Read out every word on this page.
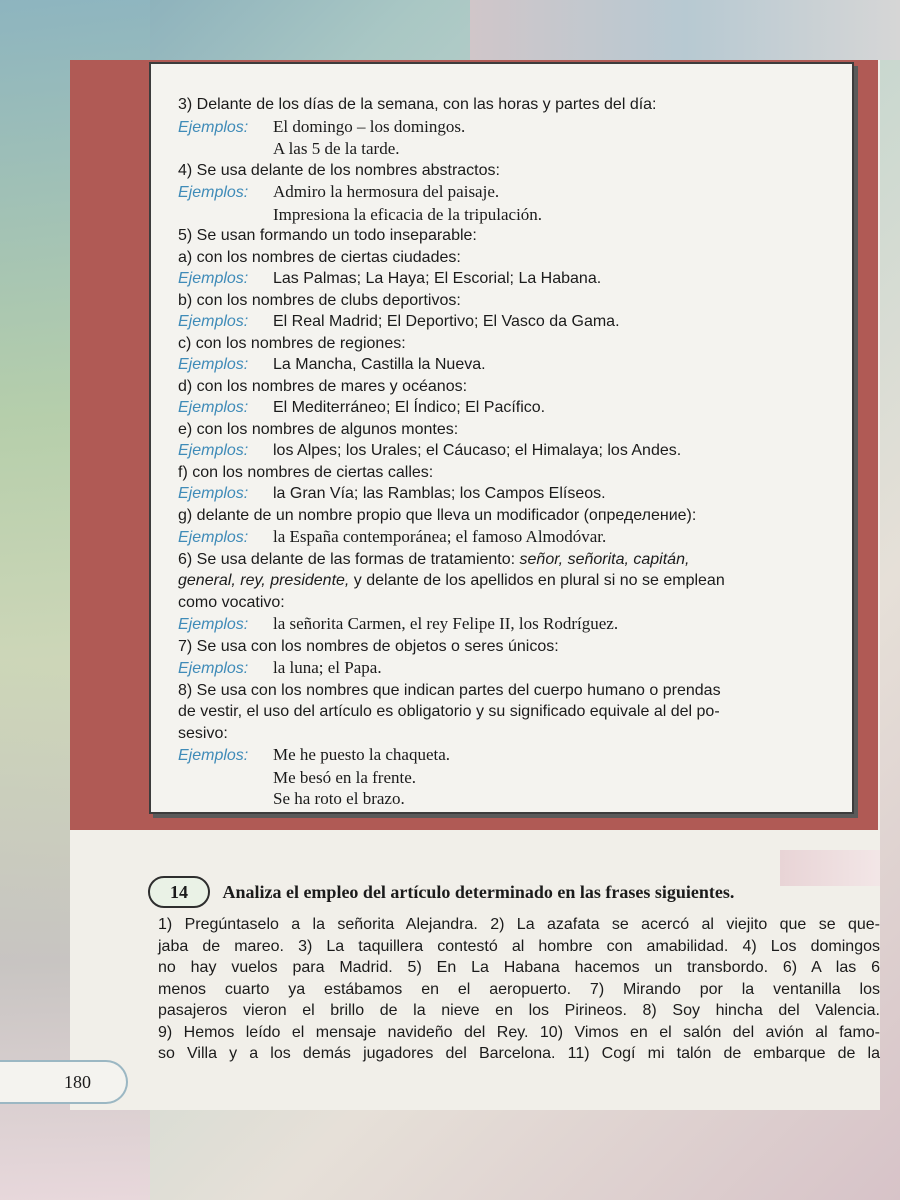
3) Delante de los días de la semana, con las horas y partes del día:
Ejemplos: El domingo – los domingos.
A las 5 de la tarde.
4) Se usa delante de los nombres abstractos:
Ejemplos: Admiro la hermosura del paisaje.
Impresiona la eficacia de la tripulación.
5) Se usan formando un todo inseparable:
a) con los nombres de ciertas ciudades:
Ejemplos: Las Palmas; La Haya; El Escorial; La Habana.
b) con los nombres de clubs deportivos:
Ejemplos: El Real Madrid; El Deportivo; El Vasco da Gama.
c) con los nombres de regiones:
Ejemplos: La Mancha, Castilla la Nueva.
d) con los nombres de mares y océanos:
Ejemplos: El Mediterráneo; El Índico; El Pacífico.
e) con los nombres de algunos montes:
Ejemplos: los Alpes; los Urales; el Cáucaso; el Himalaya; los Andes.
f) con los nombres de ciertas calles:
Ejemplos: la Gran Vía; las Ramblas; los Campos Elíseos.
g) delante de un nombre propio que lleva un modificador (определение):
Ejemplos: la España contemporánea; el famoso Almodóvar.
6) Se usa delante de las formas de tratamiento: señor, señorita, capitán,
general, rey, presidente, y delante de los apellidos en plural si no se emplean
como vocativo:
Ejemplos: la señorita Carmen, el rey Felipe II, los Rodríguez.
7) Se usa con los nombres de objetos o seres únicos:
Ejemplos: la luna; el Papa.
8) Se usa con los nombres que indican partes del cuerpo humano o prendas
de vestir, el uso del artículo es obligatorio y su significado equivale al del po-
sesivo:
Ejemplos: Me he puesto la chaqueta.
Me besó en la frente.
Se ha roto el brazo.
14 Analiza el empleo del artículo determinado en las frases siguientes.
1) Pregúntaselo a la señorita Alejandra. 2) La azafata se acercó al viejito que se que-
jaba de mareo. 3) La taquillera contestó al hombre con amabilidad. 4) Los domingos
no hay vuelos para Madrid. 5) En La Habana hacemos un transbordo. 6) A las 6
menos cuarto ya estábamos en el aeropuerto. 7) Mirando por la ventanilla los
pasajeros vieron el brillo de la nieve en los Pirineos. 8) Soy hincha del Valencia.
9) Hemos leído el mensaje navideño del Rey. 10) Vimos en el salón del avión al famo-
so Villa y a los demás jugadores del Barcelona. 11) Cogí mi talón de embarque de la
180
